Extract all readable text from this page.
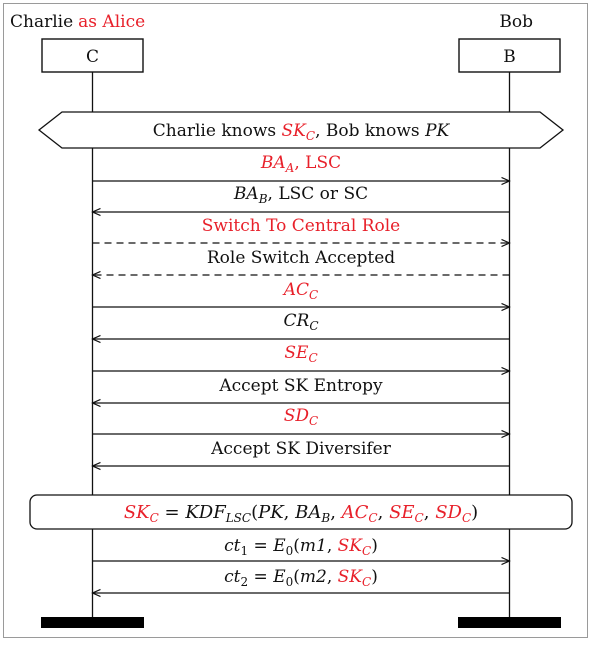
Charlie as Alice	Bob
C	B
Charlie knows $SK_C$, Bob knows PK
$BA_A$, LSC
$BA_B$, LSC or SC
Switch To Central Role
Role Switch Accepted
$AC_C$
$CR_C$
$SE_C$
Accept SK Entropy
$SD_C$
Accept SK Diversifer
$SK_C = KDF_{LSC}(PK$, $BA_B$, $AC_C$, $SE_C$, $SD_C$)
$ct_1 = E_0(m1$, $SK_C$)
$ct_2 = E_0(m2$, $SK_C$)
